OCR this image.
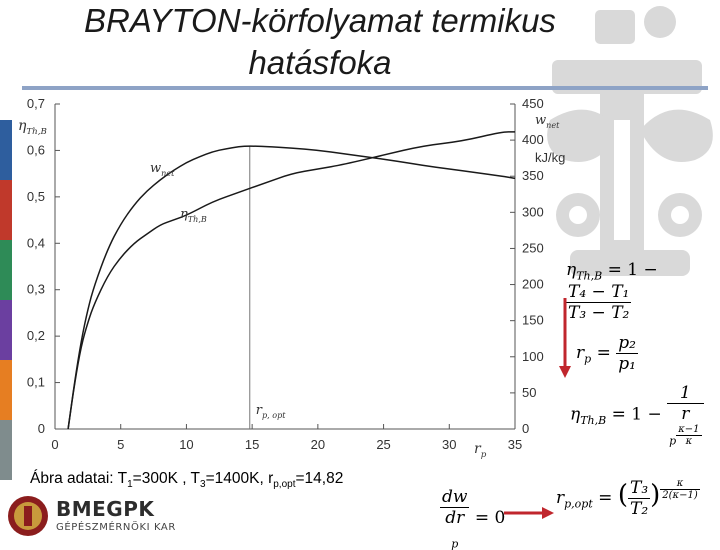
BRAYTON-körfolyamat termikus
hatásfoka
0
0,1
0,2
0,3
0,4
0,5
0,6
0,7
0
50
100
150
200
250
300
350
400
450
0	5	10	15	20	25	30	35
$\eta_{Th,B}$
$w_{net}$
kJ/kg
$r_p$
$r_{p, opt}$
$w_{net}$
$\eta_{Th,B}$
Ábra adatai: $T_1=300K$ , $T_3=1400K$, $r_{p,opt}=14,82$
$\eta_{Th,B} = 1$ −
$\frac{\text{T₄ − T₁}}{\text{T₃ − T₂}}$
$r_p = \frac{\text{p₂}}{\text{p₁}}$
$\eta_{Th,B} = 1 - 1$
r
$_p \frac{\kappa-1}{\kappa}$
dw
dr
$_p$ = 0
$r_{p,opt}$ = ( $\frac{\text{T₃}}{\text{T₂}}$ ) $^{\frac{\kappa}{2(\kappa-1)}}$
BMEGPK
GÉPÉSZMÉRNÖKI KAR
